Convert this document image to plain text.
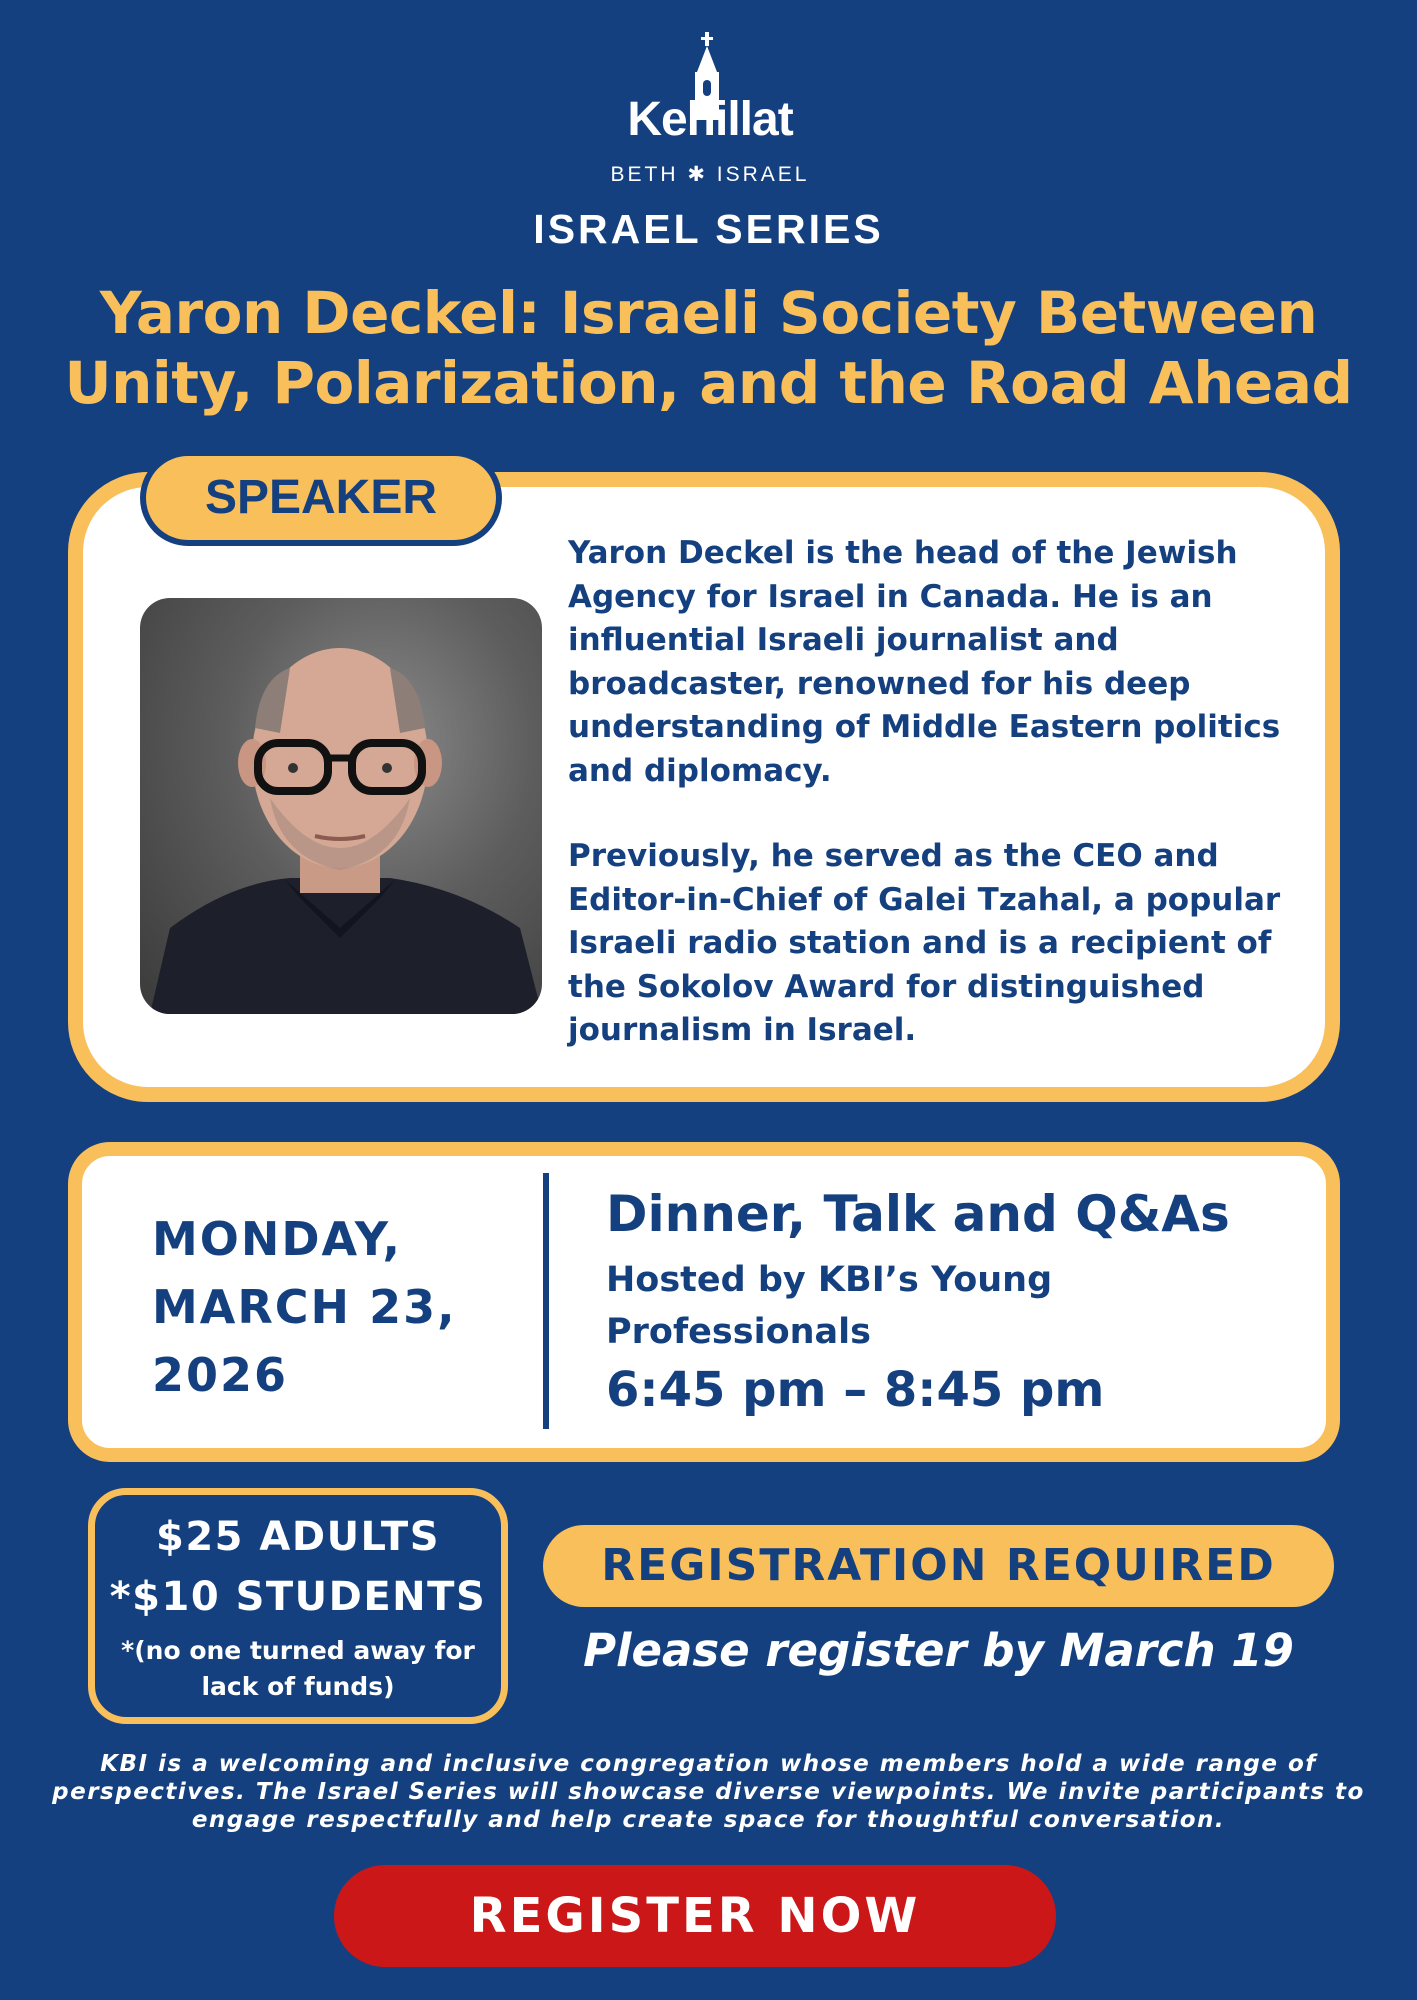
Kehillat
BETH ✱ ISRAEL
ISRAEL SERIES
Yaron Deckel: Israeli Society Between Unity, Polarization, and the Road Ahead
SPEAKER

Yaron Deckel is the head of the Jewish Agency for Israel in Canada. He is an influential Israeli journalist and broadcaster, renowned for his deep understanding of Middle Eastern politics and diplomacy.

Previously, he served as the CEO and Editor-in-Chief of Galei Tzahal, a popular Israeli radio station and is a recipient of the Sokolov Award for distinguished journalism in Israel.

MONDAY,
MARCH 23,
2026
Dinner, Talk and Q&As
Hosted by KBI’s Young Professionals
6:45 pm – 8:45 pm
$25 ADULTS
*$10 STUDENTS
*(no one turned away for lack of funds)
REGISTRATION REQUIRED
Please register by March 19
KBI is a welcoming and inclusive congregation whose members hold a wide range of perspectives. The Israel Series will showcase diverse viewpoints. We invite participants to engage respectfully and help create space for thoughtful conversation.
REGISTER NOW
